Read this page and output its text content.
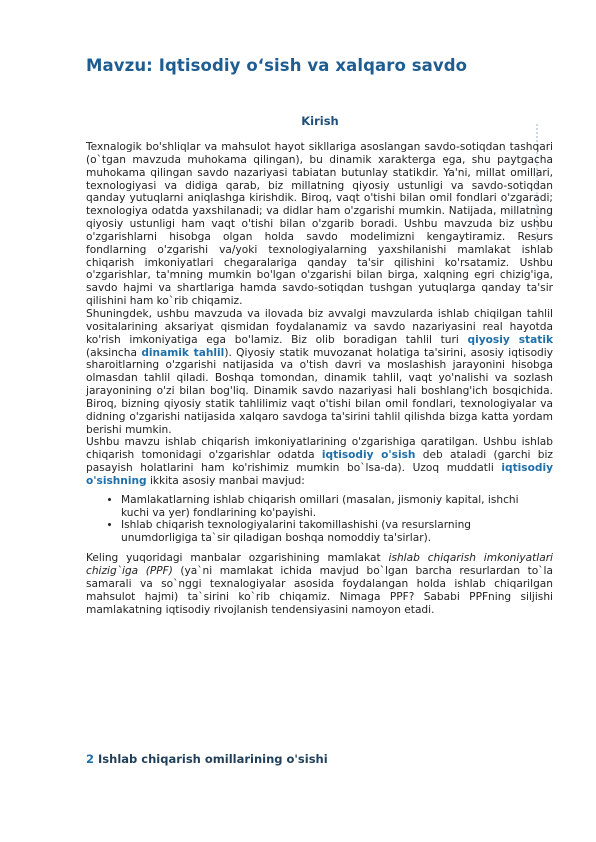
Mavzu: Iqtisodiy o‘sish va xalqaro savdo
Kirish

Texnalogik bo'shliqlar va mahsulot hayot sikllariga asoslangan savdo-sotiqdan tashqari (o`tgan mavzuda muhokama qilingan), bu dinamik xarakterga ega, shu paytgacha muhokama qilingan savdo nazariyasi tabiatan butunlay statikdir. Ya'ni, millat omillari, texnologiyasi va didiga qarab, biz millatning qiyosiy ustunligi va savdo-sotiqdan qanday yutuqlarni aniqlashga kirishdik. Biroq, vaqt o'tishi bilan omil fondlari o'zgaradi; texnologiya odatda yaxshilanadi; va didlar ham o'zgarishi mumkin. Natijada, millatning qiyosiy ustunligi ham vaqt o'tishi bilan o'zgarib boradi. Ushbu mavzuda biz ushbu o'zgarishlarni hisobga olgan holda savdo modelimizni kengaytiramiz. Resurs fondlarning o'zgarishi va/yoki texnologiyalarning yaxshilanishi mamlakat ishlab chiqarish imkoniyatlari chegaralariga qanday ta'sir qilishini ko'rsatamiz. Ushbu o'zgarishlar, ta'mning mumkin bo'lgan o'zgarishi bilan birga, xalqning egri chizig'iga, savdo hajmi va shartlariga hamda savdo-sotiqdan tushgan yutuqlarga qanday ta'sir qilishini ham ko`rib chiqamiz.

Shuningdek, ushbu mavzuda va ilovada biz avvalgi mavzularda ishlab chiqilgan tahlil vositalarining aksariyat qismidan foydalanamiz va savdo nazariyasini real hayotda ko'rish imkoniyatiga ega bo'lamiz. Biz olib boradigan tahlil turi qiyosiy statik (aksincha dinamik tahlil). Qiyosiy statik muvozanat holatiga ta'sirini, asosiy iqtisodiy sharoitlarning o'zgarishi natijasida va o'tish davri va moslashish jarayonini hisobga olmasdan tahlil qiladi. Boshqa tomondan, dinamik tahlil, vaqt yo'nalishi va sozlash jarayonining o'zi bilan bog'liq. Dinamik savdo nazariyasi hali boshlang'ich bosqichida. Biroq, bizning qiyosiy statik tahlilimiz vaqt o'tishi bilan omil fondlari, texnologiyalar va didning o'zgarishi natijasida xalqaro savdoga ta'sirini tahlil qilishda bizga katta yordam berishi mumkin.

Ushbu mavzu ishlab chiqarish imkoniyatlarining o'zgarishiga qaratilgan. Ushbu ishlab chiqarish tomonidagi o'zgarishlar odatda iqtisodiy o'sish deb ataladi (garchi biz pasayish holatlarini ham ko'rishimiz mumkin bo`lsa-da). Uzoq muddatli iqtisodiy o'sishning ikkita asosiy manbai mavjud:

• Mamlakatlarning ishlab chiqarish omillari (masalan, jismoniy kapital, ishchi kuchi va yer) fondlarining ko'payishi.
• Ishlab chiqarish texnologiyalarini takomillashishi (va resurslarning unumdorligiga ta`sir qiladigan boshqa nomoddiy ta'sirlar).

Keling yuqoridagi manbalar ozgarishining mamlakat ishlab chiqarish imkoniyatlari chizig`iga (PPF) (ya`ni mamlakat ichida mavjud bo`lgan barcha resurlardan to`la samarali va so`nggi texnalogiyalar asosida foydalangan holda ishlab chiqarilgan mahsulot hajmi) ta`sirini ko`rib chiqamiz. Nimaga PPF? Sababi PPFning siljishi mamlakatning iqtisodiy rivojlanish tendensiyasini namoyon etadi.

2 Ishlab chiqarish omillarining o'sishi
